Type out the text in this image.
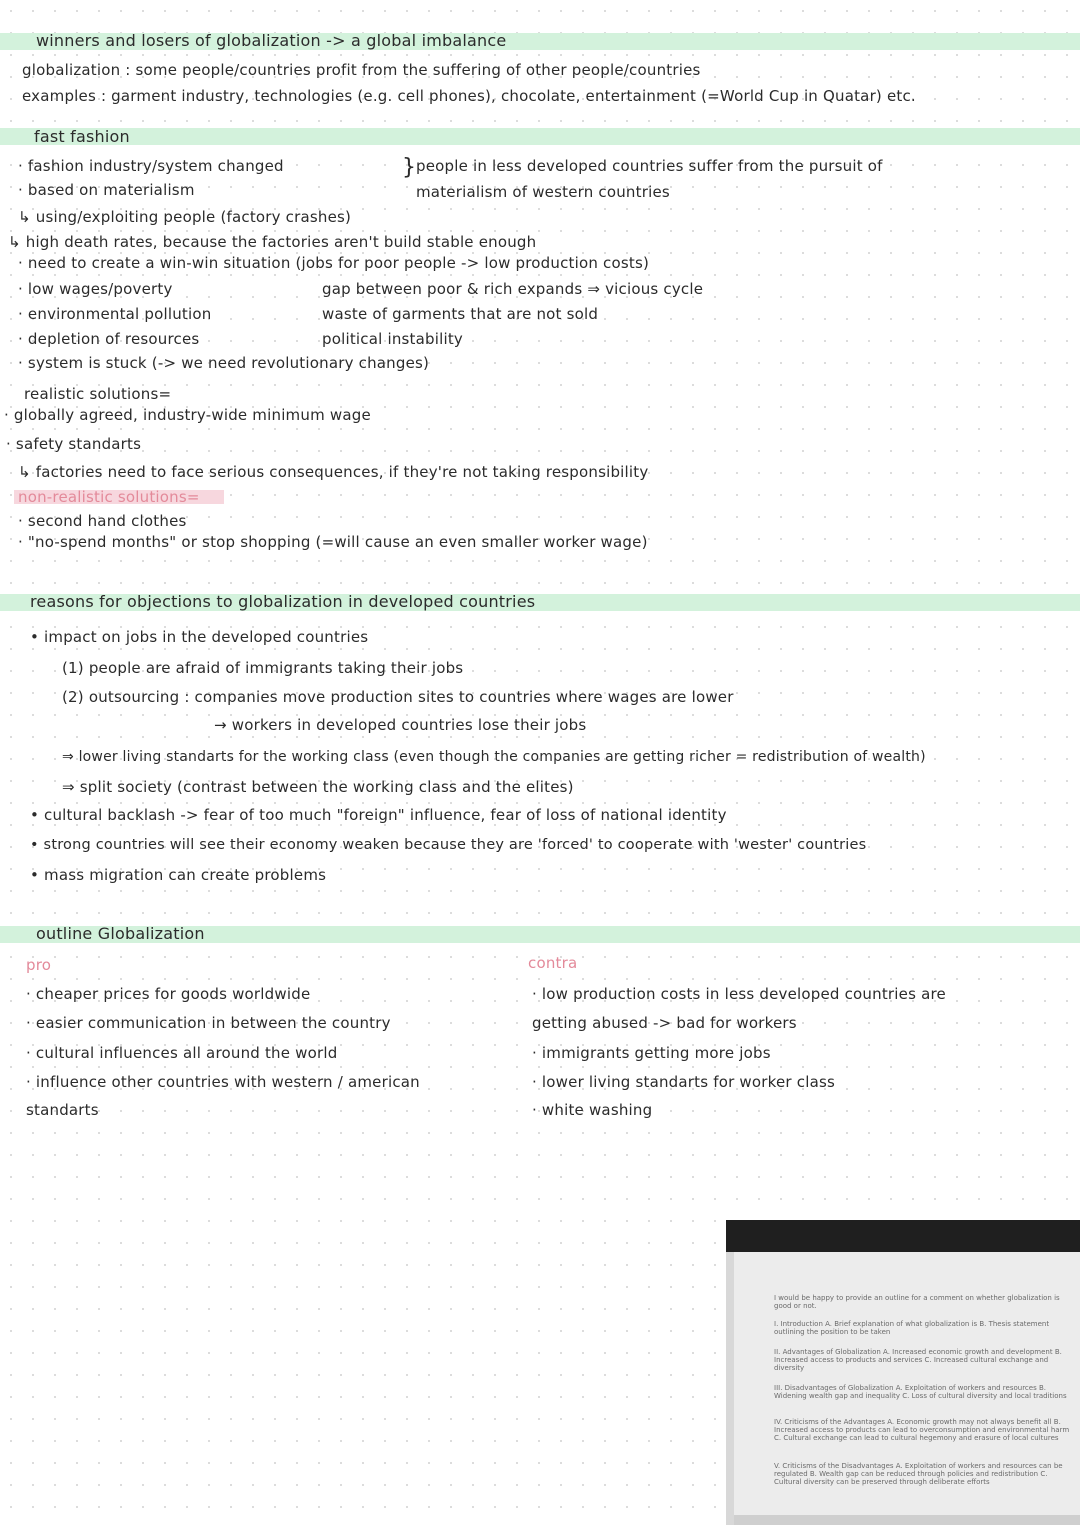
winners and losers of globalization -> a global imbalance
globalization : some people/countries profit from the suffering of other people/countries
examples : garment industry, technologies (e.g. cell phones), chocolate, entertainment (=World Cup in Quatar) etc.
fast fashion
· fashion industry/system changed
· based on materialism
↳ using/exploiting people (factory crashes)
↳ high death rates, because the factories aren't build stable enough
· need to create a win-win situation (jobs for poor people -> low production costs)
} people in less developed countries suffer from the pursuit of
materialism of western countries
· low wages/poverty
· environmental pollution
· depletion of resources
· system is stuck (-> we need revolutionary changes)
gap between poor & rich expands ⇒ vicious cycle
waste of garments that are not sold
political instability
realistic solutions=
· globally agreed, industry-wide minimum wage
· safety standarts
↳ factories need to face serious consequences, if they're not taking responsibility
non-realistic solutions=
· second hand clothes
· "no-spend months" or stop shopping (=will cause an even smaller worker wage)
reasons for objections to globalization in developed countries
• impact on jobs in the developed countries
(1) people are afraid of immigrants taking their jobs
(2) outsourcing : companies move production sites to countries where wages are lower
→ workers in developed countries lose their jobs
⇒ lower living standarts for the working class (even though the companies are getting richer = redistribution of wealth)
⇒ split society (contrast between the working class and the elites)
• cultural backlash -> fear of too much "foreign" influence, fear of loss of national identity
• strong countries will see their economy weaken because they are 'forced' to cooperate with 'wester' countries
• mass migration can create problems
outline Globalization
pro
· cheaper prices for goods worldwide
· easier communication in between the country
· cultural influences all around the world
· influence other countries with western / american
standarts
contra
· low production costs in less developed countries are
getting abused -> bad for workers
· immigrants getting more jobs
· lower living standarts for worker class
· white washing
I would be happy to provide an outline for a comment on whether globalization is good or not.
I. Introduction A. Brief explanation of what globalization is B. Thesis statement outlining the position to be taken
II. Advantages of Globalization A. Increased economic growth and development B. Increased access to products and services C. Increased cultural exchange and diversity
III. Disadvantages of Globalization A. Exploitation of workers and resources B. Widening wealth gap and inequality C. Loss of cultural diversity and local traditions
IV. Criticisms of the Advantages A. Economic growth may not always benefit all B. Increased access to products can lead to overconsumption and environmental harm C. Cultural exchange can lead to cultural hegemony and erasure of local cultures
V. Criticisms of the Disadvantages A. Exploitation of workers and resources can be regulated B. Wealth gap can be reduced through policies and redistribution C. Cultural diversity can be preserved through deliberate efforts
